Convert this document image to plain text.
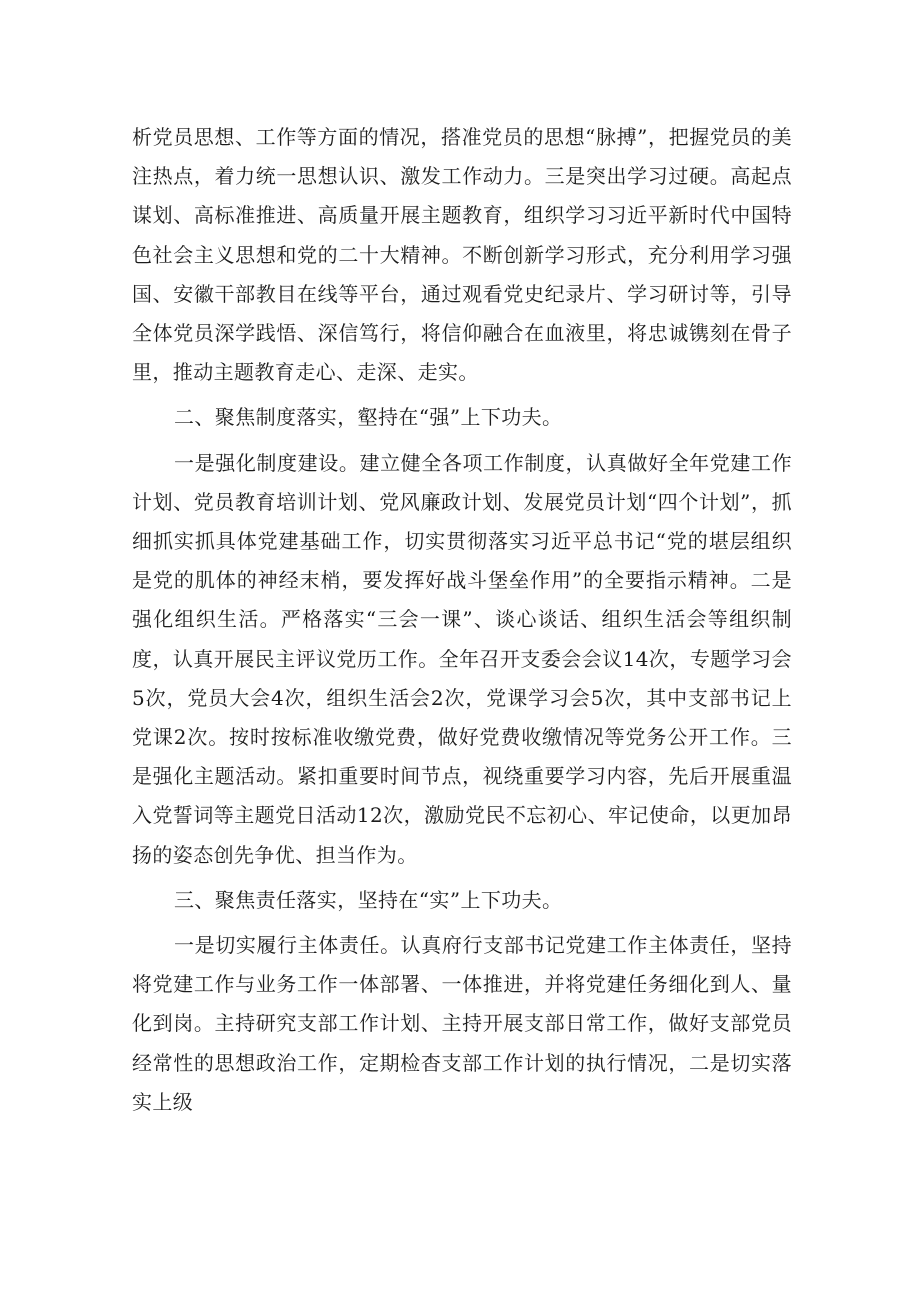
析党员思想、工作等方面的情况，搭准党员的思想“脉搏”，把握党员的美注热点，着力统一思想认识、激发工作动力。三是突出学习过硬。高起点谋划、高标准推进、高质量开展主题教育，组织学习习近平新时代中国特色社会主义思想和党的二十大精神。不断创新学习形式，充分利用学习强国、安徽干部教目在线等平台，通过观看党史纪录片、学习研讨等，引导全体党员深学践悟、深信笃行，将信仰融合在血液里，将忠诚镌刻在骨子里，推动主题教育走心、走深、走实。

二、聚焦制度落实，壑持在“强”上下功夫。

一是强化制度建设。建立健全各项工作制度，认真做好全年党建工作计划、党员教育培训计划、党风廉政计划、发展党员计划“四个计划”，抓细抓实抓具体党建基础工作，切实贯彻落实习近平总书记“党的堪层组织是党的肌体的神经末梢，要发挥好战斗堡垒作用”的全要指示精神。二是强化组织生活。严格落实“三会一课”、谈心谈话、组织生活会等组织制度，认真开展民主评议党历工作。全年召开支委会会议14次，专题学习会5次，党员大会4次，组织生活会2次，党课学习会5次，其中支部书记上党课2次。按时按标准收缴党费，做好党费收缴情况等党务公开工作。三是强化主题活动。紧扣重要时间节点，视绕重要学习内容，先后开展重温入党誓词等主题党日活动12次，激励党民不忘初心、牢记使命，以更加昂扬的姿态创先争优、担当作为。

三、聚焦责任落实，坚持在“实”上下功夫。

一是切实履行主体责任。认真府行支部书记党建工作主体责任，坚持将党建工作与业务工作一体部署、一体推进，并将党建任务细化到人、量化到岗。主持研究支部工作计划、主持开展支部日常工作，做好支部党员经常性的思想政治工作，定期检杳支部工作计划的执行情况，二是切实落实上级
